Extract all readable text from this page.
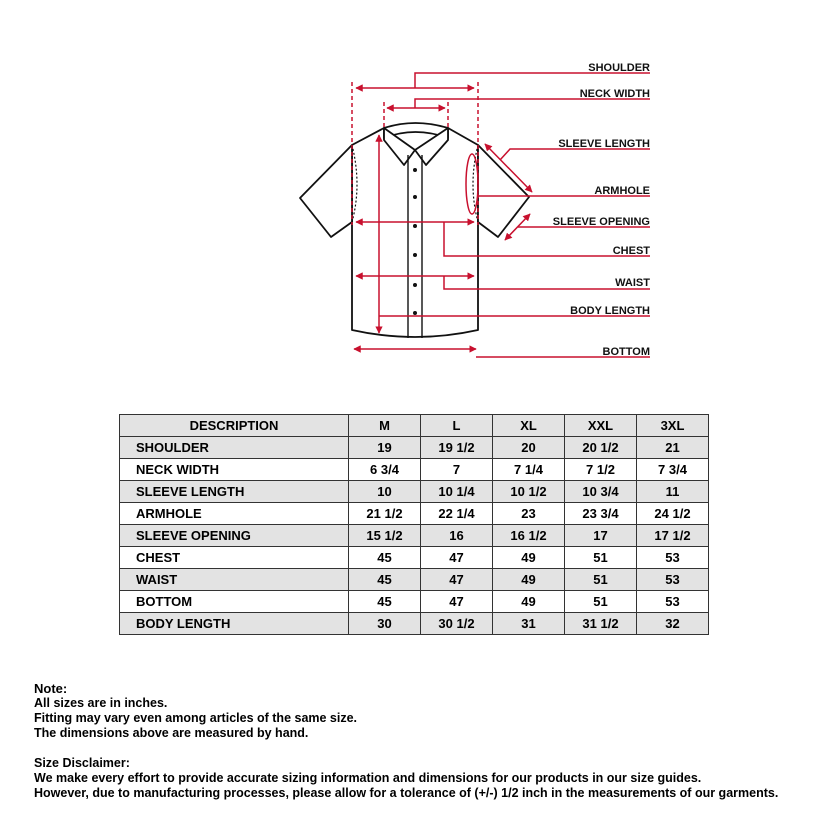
SHOULDER
NECK WIDTH
SLEEVE LENGTH
ARMHOLE
SLEEVE OPENING
CHEST
WAIST
BODY LENGTH
BOTTOM
DESCRIPTION	M	L	XL	XXL	3XL
SHOULDER	19	19 1/2	20	20 1/2	21
NECK WIDTH	6 3/4	7	7 1/4	7 1/2	7 3/4
SLEEVE LENGTH	10	10 1/4	10 1/2	10 3/4	11
ARMHOLE	21 1/2	22 1/4	23	23 3/4	24 1/2
SLEEVE OPENING	15 1/2	16	16 1/2	17	17 1/2
CHEST	45	47	49	51	53
WAIST	45	47	49	51	53
BOTTOM	45	47	49	51	53
BODY LENGTH	30	30 1/2	31	31 1/2	32
Note:
All sizes are in inches.
Fitting may vary even among articles of the same size.
The dimensions above are measured by hand.
Size Disclaimer:
We make every effort to provide accurate sizing information and dimensions for our products in our size guides.
However, due to manufacturing processes, please allow for a tolerance of (+/-) 1/2 inch in the measurements of our garments.
